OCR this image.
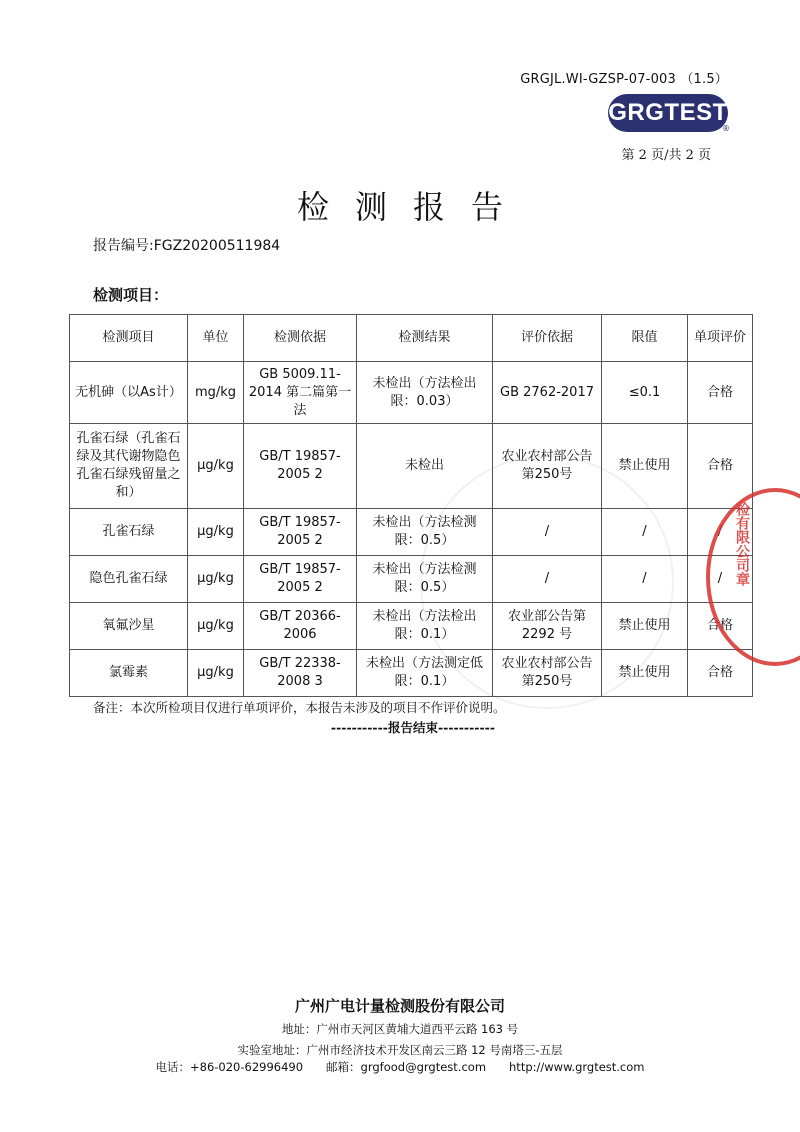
GRGJL.WI-GZSP-07-003 （1.5）
GRGTEST
®
第 2 页/共 2 页
检测报告
报告编号:FGZ20200511984
检测项目：
检测项目	单位	检测依据	检测结果	评价依据	限值	单项评价
无机砷（以As计）	mg/kg	GB 5009.11-2014 第二篇第一法	未检出（方法检出限：0.03）	GB 2762-2017	≤0.1	合格
孔雀石绿（孔雀石绿及其代谢物隐色孔雀石绿残留量之和）	μg/kg	GB/T 19857-2005 2	未检出	农业农村部公告 第250号	禁止使用	合格
孔雀石绿	μg/kg	GB/T 19857-2005 2	未检出（方法检测限：0.5）	/	/	/
隐色孔雀石绿	μg/kg	GB/T 19857-2005 2	未检出（方法检测限：0.5）	/	/	/
氧氟沙星	μg/kg	GB/T 20366-2006	未检出（方法检出限：0.1）	农业部公告第2292 号	禁止使用	合格
氯霉素	μg/kg	GB/T 22338-2008 3	未检出（方法测定低限：0.1）	农业农村部公告 第250号	禁止使用	合格
检有限公司章
备注：本次所检项目仅进行单项评价，本报告未涉及的项目不作评价说明。
-----------报告结束-----------
广州广电计量检测股份有限公司
地址：广州市天河区黄埔大道西平云路 163 号
实验室地址：广州市经济技术开发区南云三路 12 号南塔三-五层
电话：+86-020-62996490　　邮箱：grgfood@grgtest.com　　http://www.grgtest.com
